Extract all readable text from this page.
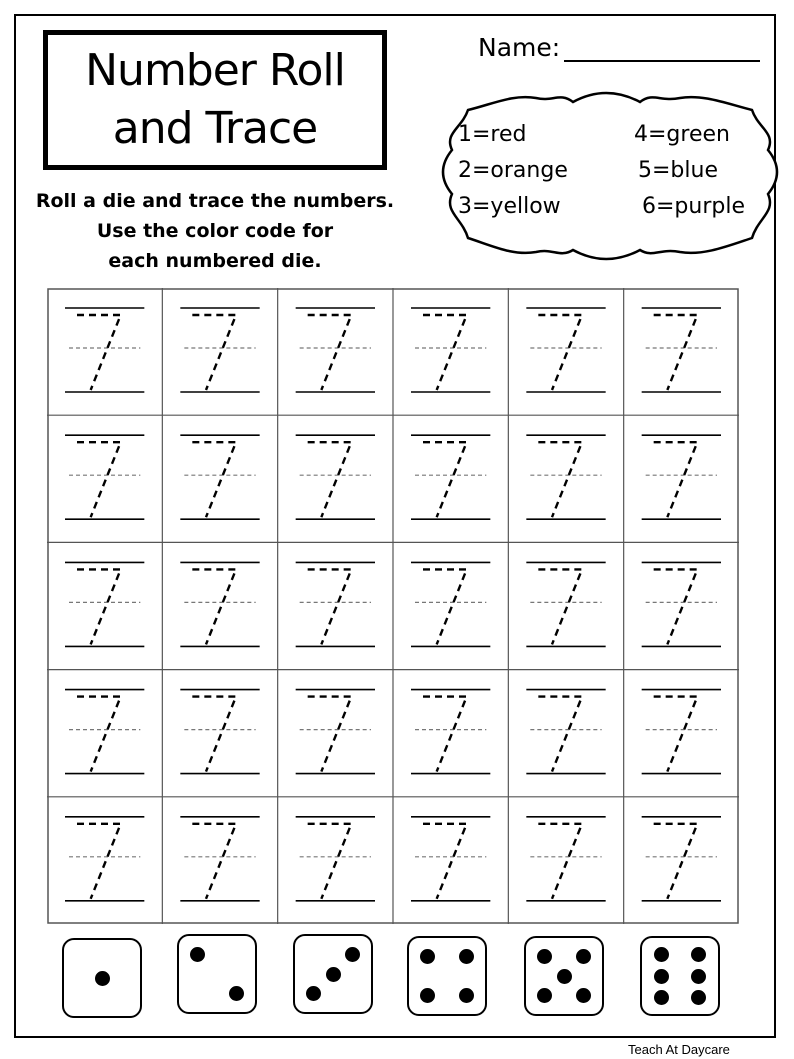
Number Roll
and Trace
Name:
Roll a die and trace the numbers.
Use the color code for
each numbered die.
1=red
2=orange
3=yellow
4=green
5=blue
6=purple
Teach At Daycare
